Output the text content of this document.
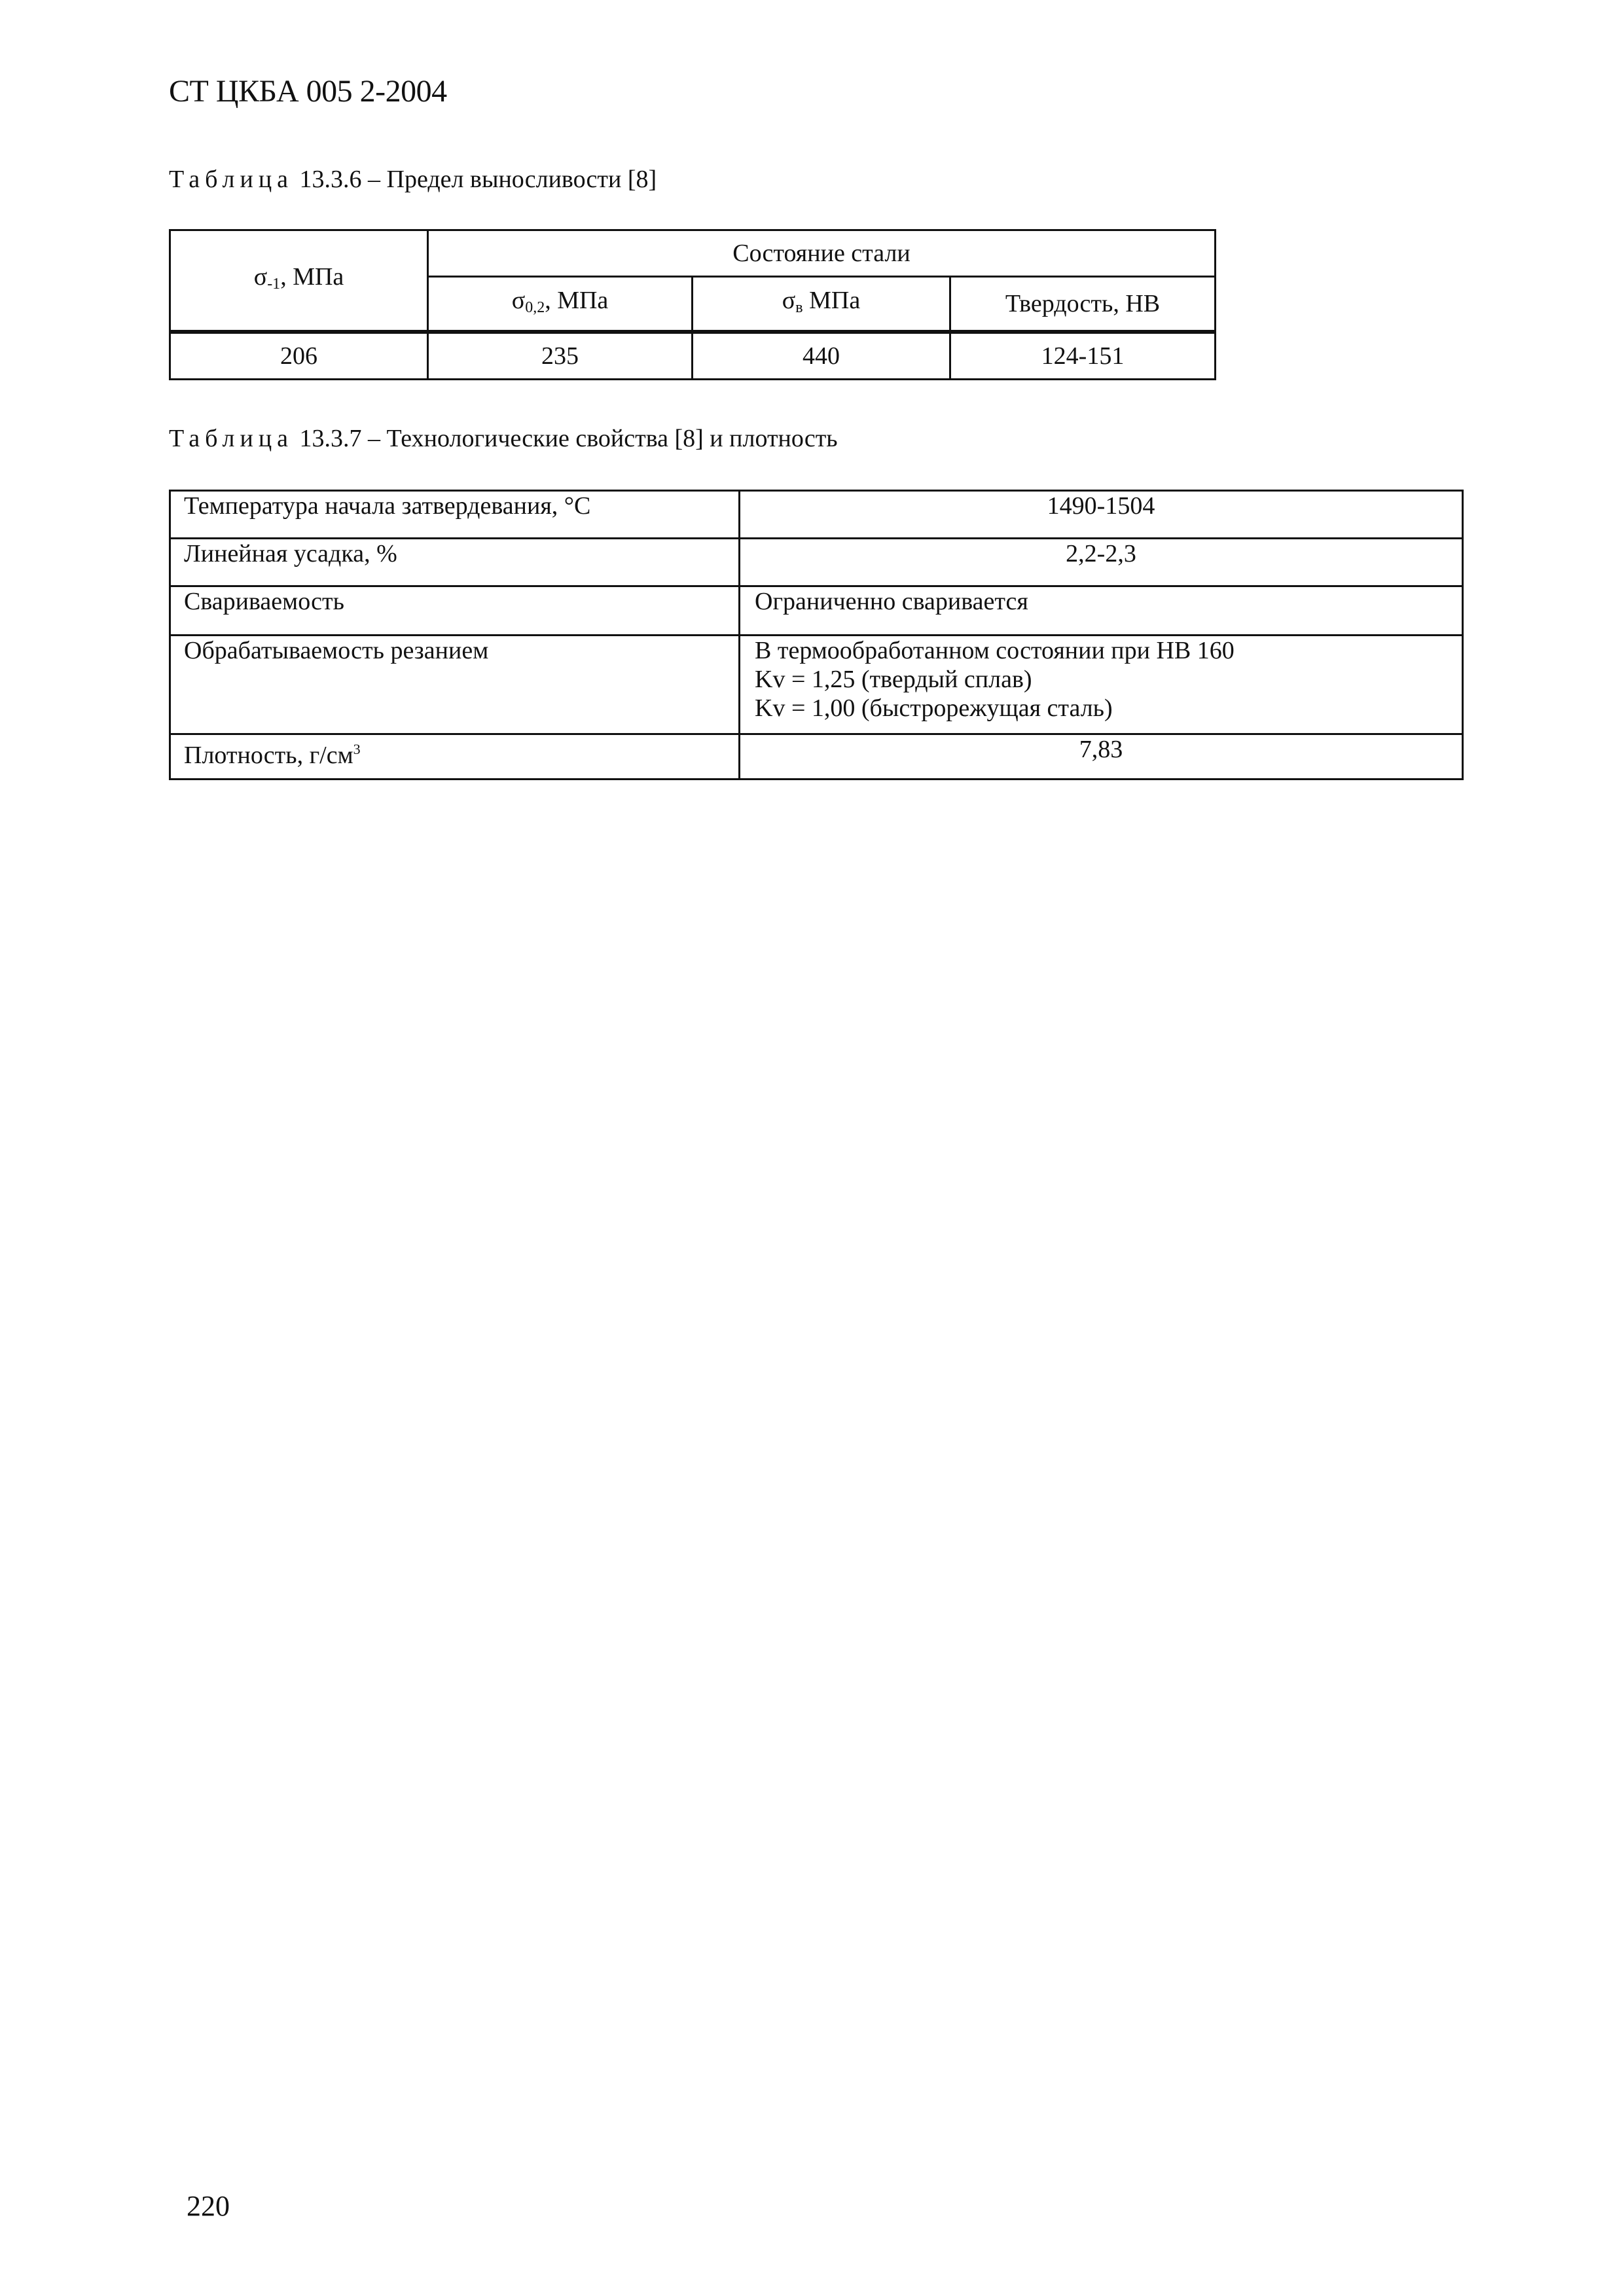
СТ ЦКБА 005 2-2004
Таблица 13.3.6 – Предел выносливости [8]
$\sigma_{-1}$, МПа	Состояние стали		
	$\sigma_{0,2}$, МПа	$\sigma_в$ МПа	Твердость, НВ
206	235	440	124-151
Таблица 13.3.7 – Технологические свойства [8] и плотность
Температура начала затвердевания, °С	1490-1504
Линейная усадка, %	2,2-2,3
Свариваемость	Ограниченно сваривается
Обрабатываемость резанием	В термообработанном состоянии при НВ 160
Kv = 1,25 (твердый сплав)
Kv = 1,00 (быстрорежущая сталь)

Плотность, $г/см^3$	7,83
220
